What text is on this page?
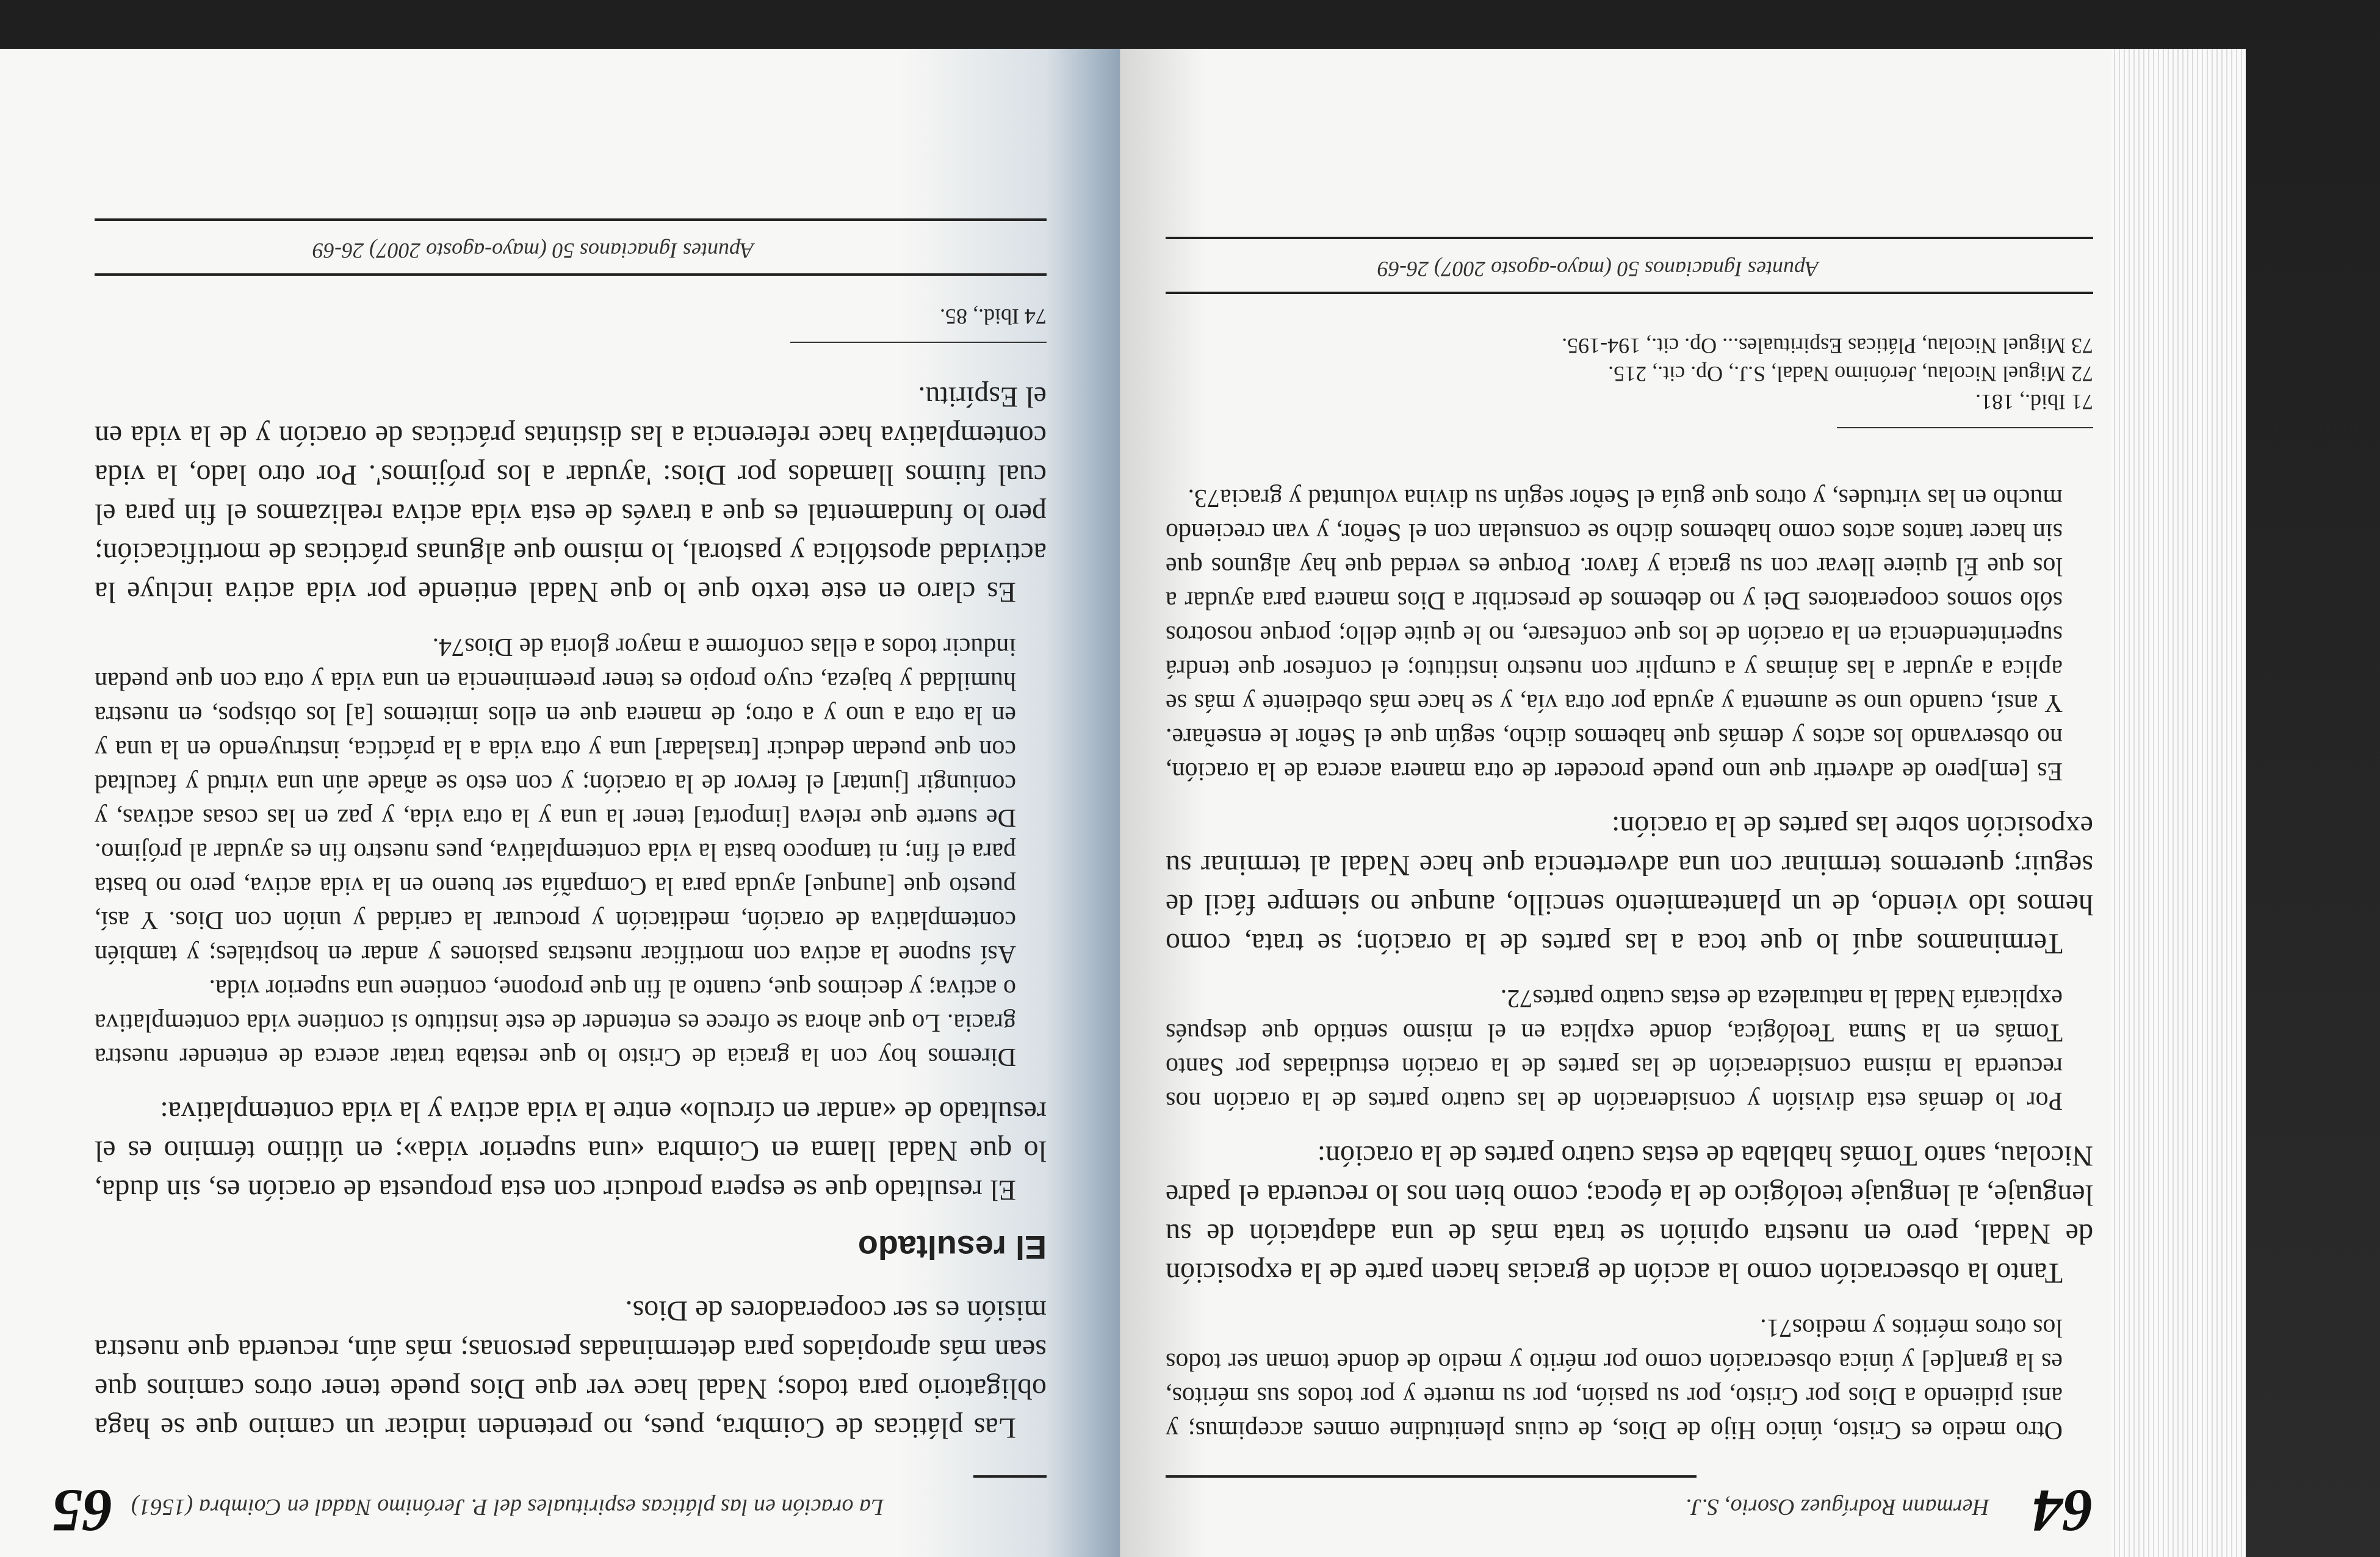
64
Hermann Rodríguez Osorio, S.J.

Otro medio es Cristo, único Hijo de Dios, de cuius plenitudine omnes accepimus; y ansi pidiendo a Dios por Cristo, por su pasión, por su muerte y por todos sus méritos, es la gran[de] y única obsecración como por mérito y medio de donde toman ser todos los otros méritos y medios71.

Tanto la obsecración como la acción de gracias hacen parte de la exposición de Nadal, pero en nuestra opinión se trata más de una adaptación de su lenguaje, al lenguaje teológico de la época; como bien nos lo recuerda el padre Nicolau, santo Tomás hablaba de estas cuatro partes de la oración:

Por lo demás esta división y consideración de las cuatro partes de la oración nos recuerda la misma consideración de las partes de la oración estudiadas por Santo Tomás en la Suma Teológica, donde explica en el mismo sentido que después explicaría Nadal la naturaleza de estas cuatro partes72.

Terminamos aquí lo que toca a las partes de la oración; se trata, como hemos ido viendo, de un planteamiento sencillo, aunque no siempre fácil de seguir; queremos terminar con una advertencia que hace Nadal al terminar su exposición sobre las partes de la oración:

Es [em]pero de advertir que uno puede proceder de otra manera acerca de la oración, no observando los actos y demás que habemos dicho, según que el Señor le enseñare. Y ansí, cuando uno se aumenta y ayuda por otra vía, y se hace más obediente y más se aplica a ayudar a las ánimas y a cumplir con nuestro instituto; el confesor que tendrá superintendencia en la oración de los que confesare, no le quite dello; porque nosotros sólo somos cooperatores Dei y no debemos de prescribir a Dios manera para ayudar a los que Él quiere llevar con su gracia y favor. Porque es verdad que hay algunos que sin hacer tantos actos como habemos dicho se consuelan con el Señor, y van creciendo mucho en las virtudes, y otros que guía el Señor según su divina voluntad y gracia73.

71 Ibid., 181.
72 Miguel Nicolau, Jerónimo Nadal, S.J., Op. cit., 215.
73 Miguel Nicolau, Pláticas Espirituales... Op. cit., 194-195.
Apuntes Ignacianos 50 (mayo-agosto 2007) 26-69
65 La oración en las pláticas espirituales del P. Jerónimo Nadal en Coimbra (1561)

Las pláticas de Coimbra, pues, no pretenden indicar un camino que se haga obligatorio para todos; Nadal hace ver que Dios puede tener otros caminos que sean más apropiados para determinadas personas; más aún, recuerda que nuestra misión es ser cooperadores de Dios.

El resultado

El resultado que se espera producir con esta propuesta de oración es, sin duda, lo que Nadal llama en Coimbra «una superior vida»; en último término es el resultado de «andar en círculo» entre la vida activa y la vida contemplativa:

Diremos hoy con la gracia de Cristo lo que restaba tratar acerca de entender nuestra gracia. Lo que ahora se ofrece es entender de este instituto si contiene vida contemplativa o activa; y decimos que, cuanto al fin que propone, contiene una superior vida.

Así supone la activa con mortificar nuestras pasiones y andar en hospitales; y también contemplativa de oración, meditación y procurar la caridad y unión con Dios. Y así, puesto que [aunque] ayuda para la Compañía ser bueno en la vida activa, pero no basta para el fin; ni tampoco basta la vida contemplativa, pues nuestro fin es ayudar al prójimo. De suerte que releva [importa] tener la una y la otra vida, y paz en las cosas activas, y coniungir [juntar] el fervor de la oración; y con esto se añade aún una virtud y facultad con que puedan deducir [trasladar] una y otra vida a la práctica, instruyendo en la una y en la otra a uno y a otro; de manera que en ellos imitemos [a] los obispos, en nuestra humildad y bajeza, cuyo propio es tener preeminencia en una vida y otra con que puedan inducir todos a ellas conforme a mayor gloria de Dios74.

Es claro en este texto que lo que Nadal entiende por vida activa incluye la actividad apostólica y pastoral, lo mismo que algunas prácticas de mortificación; pero lo fundamental es que a través de esta vida activa realizamos el fin para el cual fuimos llamados por Dios: 'ayudar a los prójimos'. Por otro lado, la vida contemplativa hace referencia a las distintas prácticas de oración y de la vida en el Espíritu.

74 Ibid., 85.
Apuntes Ignacianos 50 (mayo-agosto 2007) 26-69
